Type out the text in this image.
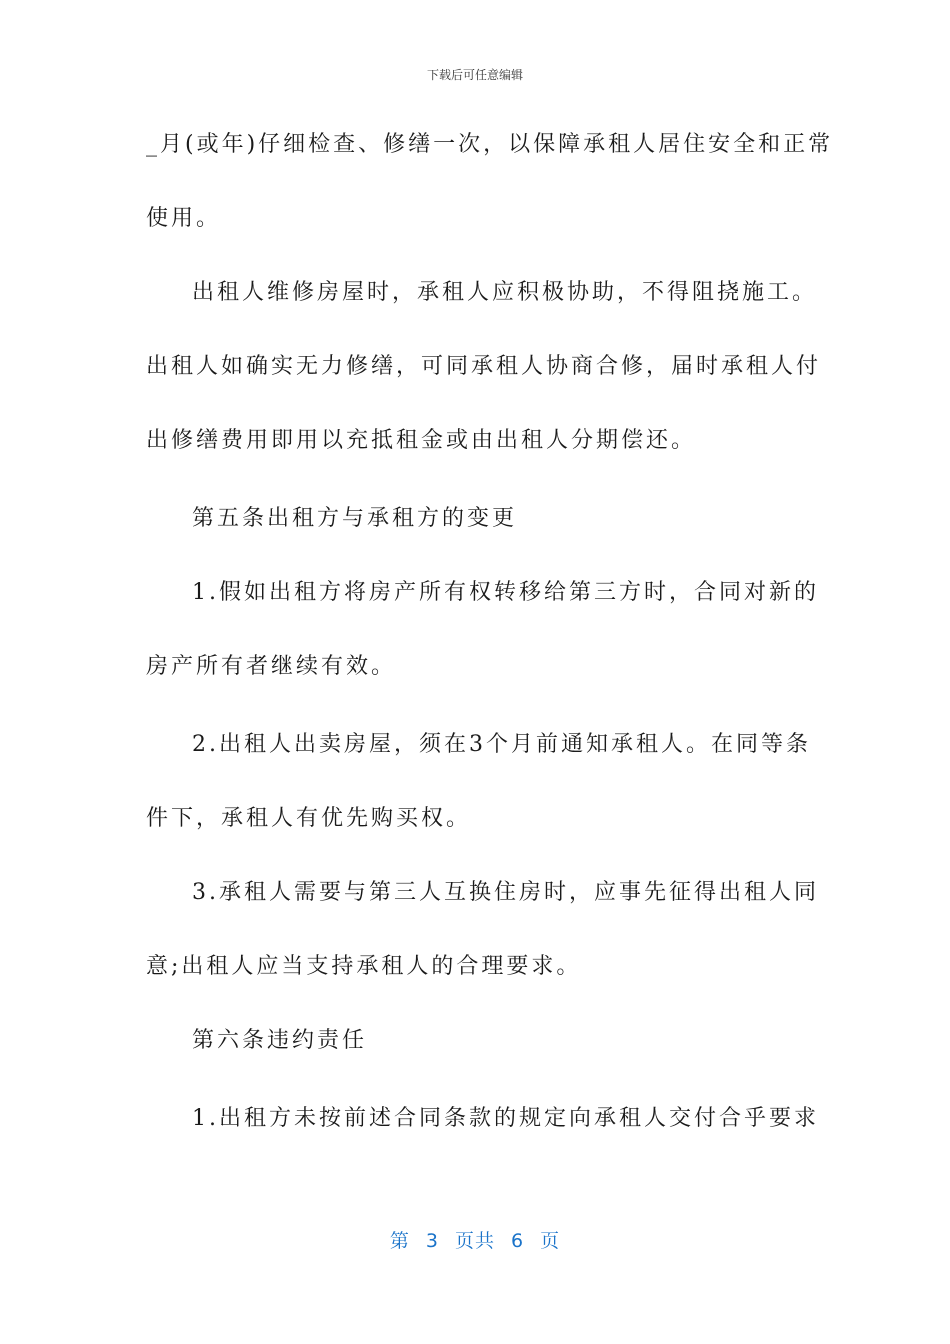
下载后可任意编辑
_月(或年)仔细检查、修缮一次，以保障承租人居住安全和正常
使用。
出租人维修房屋时，承租人应积极协助，不得阻挠施工。
出租人如确实无力修缮，可同承租人协商合修，届时承租人付
出修缮费用即用以充抵租金或由出租人分期偿还。
第五条出租方与承租方的变更
1.假如出租方将房产所有权转移给第三方时，合同对新的
房产所有者继续有效。
2.出租人出卖房屋，须在3个月前通知承租人。在同等条
件下，承租人有优先购买权。
3.承租人需要与第三人互换住房时，应事先征得出租人同
意;出租人应当支持承租人的合理要求。
第六条违约责任
1.出租方未按前述合同条款的规定向承租人交付合乎要求
第 3 页共 6 页
